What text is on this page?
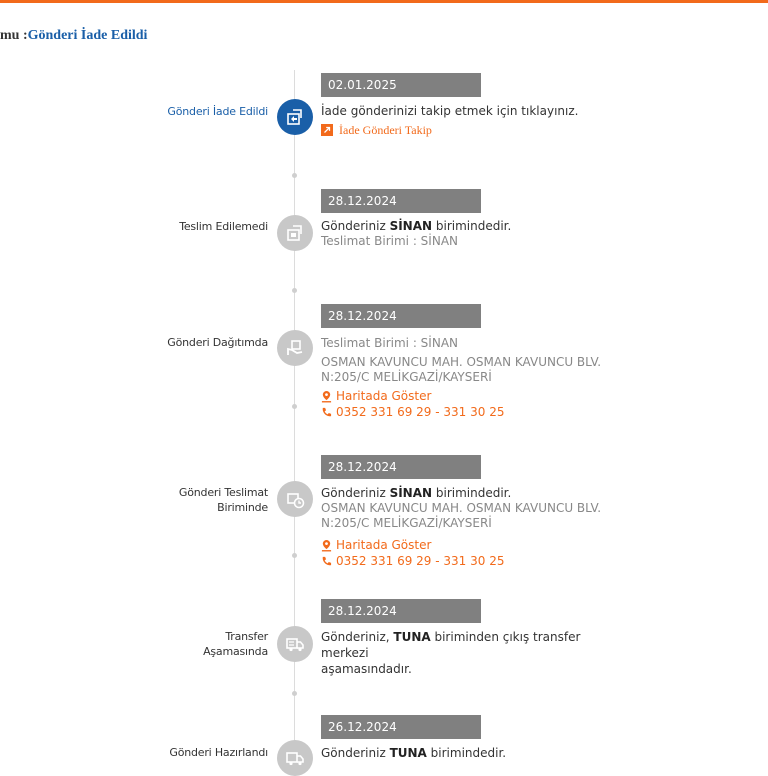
mu :Gönderi İade Edildi
Gönderi İade Edildi
02.01.2025
İade gönderinizi takip etmek için tıklayınız.
İade Gönderi Takip
Teslim Edilemedi
28.12.2024
Gönderiniz SİNAN birimindedir.
Teslimat Birimi : SİNAN
Gönderi Dağıtımda
28.12.2024
Teslimat Birimi : SİNAN
OSMAN KAVUNCU MAH. OSMAN KAVUNCU BLV.
N:205/C MELİKGAZİ/KAYSERİ
Haritada Göster
0352 331 69 29 - 331 30 25
Gönderi Teslimat
Biriminde
28.12.2024
Gönderiniz SİNAN birimindedir.
OSMAN KAVUNCU MAH. OSMAN KAVUNCU BLV.
N:205/C MELİKGAZİ/KAYSERİ
Haritada Göster
0352 331 69 29 - 331 30 25
Transfer
Aşamasında
28.12.2024
Gönderiniz, TUNA biriminden çıkış transfer merkezi
aşamasındadır.
Gönderi Hazırlandı
26.12.2024
Gönderiniz TUNA birimindedir.
